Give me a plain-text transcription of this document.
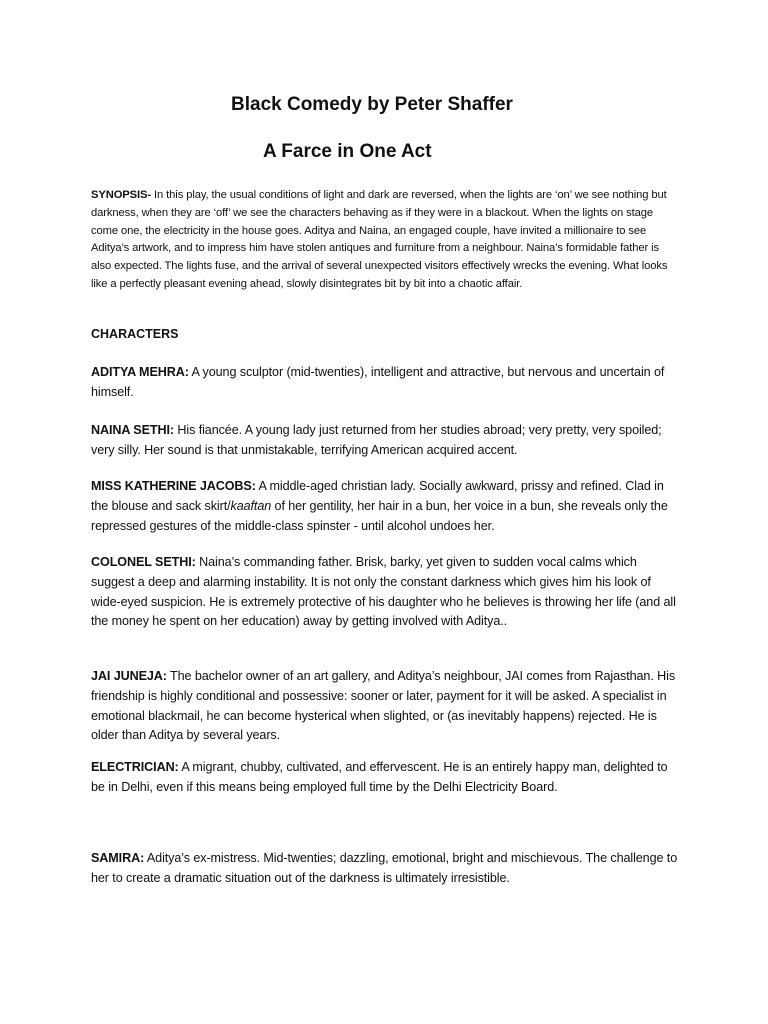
Black Comedy by Peter Shaffer
A Farce in One Act

SYNOPSIS- In this play, the usual conditions of light and dark are reversed, when the lights are ‘on’ we see nothing but darkness, when they are ‘off’ we see the characters behaving as if they were in a blackout. When the lights on stage come one, the electricity in the house goes. Aditya and Naina, an engaged couple, have invited a millionaire to see Aditya’s artwork, and to impress him have stolen antiques and furniture from a neighbour. Naina’s formidable father is also expected. The lights fuse, and the arrival of several unexpected visitors effectively wrecks the evening. What looks like a perfectly pleasant evening ahead, slowly disintegrates bit by bit into a chaotic affair.

CHARACTERS

ADITYA MEHRA: A young sculptor (mid-twenties), intelligent and attractive, but nervous and uncertain of himself.

NAINA SETHI: His fiancée. A young lady just returned from her studies abroad; very pretty, very spoiled; very silly. Her sound is that unmistakable, terrifying American acquired accent.

MISS KATHERINE JACOBS: A middle-aged christian lady. Socially awkward, prissy and refined. Clad in the blouse and sack skirt/kaaftan of her gentility, her hair in a bun, her voice in a bun, she reveals only the repressed gestures of the middle-class spinster - until alcohol undoes her.

COLONEL SETHI: Naina’s commanding father. Brisk, barky, yet given to sudden vocal calms which suggest a deep and alarming instability. It is not only the constant darkness which gives him his look of wide-eyed suspicion. He is extremely protective of his daughter who he believes is throwing her life (and all the money he spent on her education) away by getting involved with Aditya..

JAI JUNEJA: The bachelor owner of an art gallery, and Aditya’s neighbour, JAI comes from Rajasthan. His friendship is highly conditional and possessive: sooner or later, payment for it will be asked. A specialist in emotional blackmail, he can become hysterical when slighted, or (as inevitably happens) rejected. He is older than Aditya by several years.

ELECTRICIAN: A migrant, chubby, cultivated, and effervescent. He is an entirely happy man, delighted to be in Delhi, even if this means being employed full time by the Delhi Electricity Board.

SAMIRA: Aditya’s ex-mistress. Mid-twenties; dazzling, emotional, bright and mischievous. The challenge to her to create a dramatic situation out of the darkness is ultimately irresistible.
